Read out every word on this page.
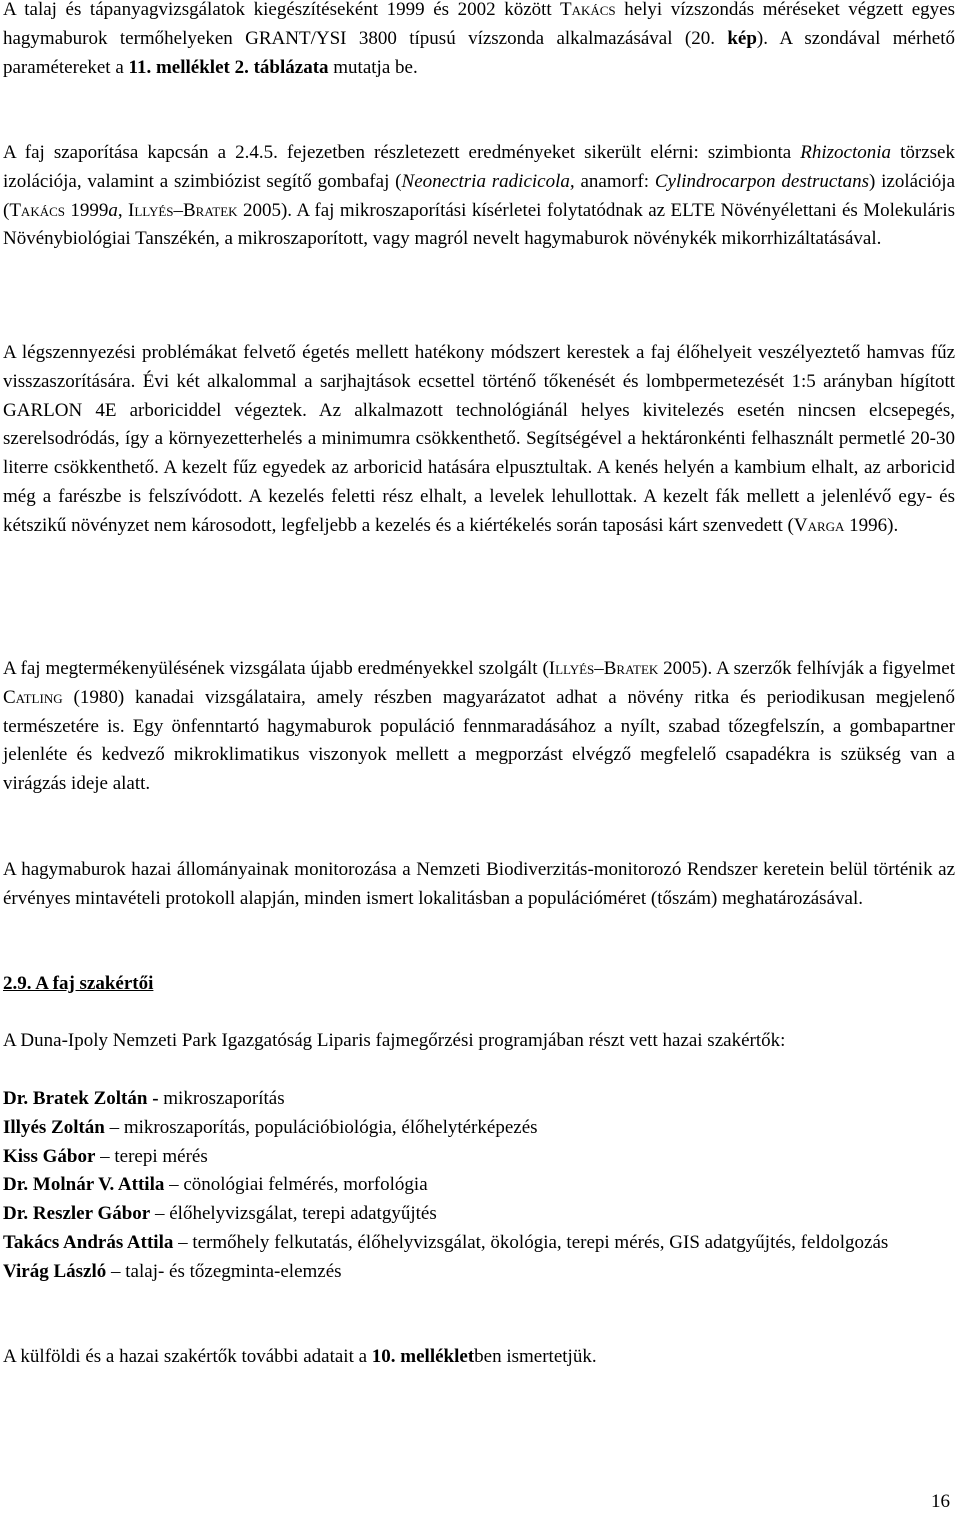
A talaj és tápanyagvizsgálatok kiegészítéseként 1999 és 2002 között Takács helyi vízszondás méréseket végzett egyes hagymaburok termőhelyeken GRANT/YSI 3800 típusú vízszonda alkalmazásával (20. kép). A szondával mérhető paramétereket a 11. melléklet 2. táblázata mutatja be.

A faj szaporítása kapcsán a 2.4.5. fejezetben részletezett eredményeket sikerült elérni: szimbionta Rhizoctonia törzsek izolációja, valamint a szimbiózist segítő gombafaj (Neonectria radicicola, anamorf: Cylindrocarpon destructans) izolációja (Takács 1999a, Illyés–Bratek 2005). A faj mikroszaporítási kísérletei folytatódnak az ELTE Növényélettani és Molekuláris Növénybiológiai Tanszékén, a mikroszaporított, vagy magról nevelt hagymaburok növénykék mikorrhizáltatásával.

A légszennyezési problémákat felvető égetés mellett hatékony módszert kerestek a faj élőhelyeit veszélyeztető hamvas fűz visszaszorítására. Évi két alkalommal a sarjhajtások ecsettel történő tőkenését és lombpermetezését 1:5 arányban hígított GARLON 4E arboriciddel végeztek. Az alkalmazott technológiánál helyes kivitelezés esetén nincsen elcsepegés, szerelsodródás, így a környezetterhelés a minimumra csökkenthető. Segítségével a hektáronkénti felhasznált permetlé 20-30 literre csökkenthető. A kezelt fűz egyedek az arboricid hatására elpusztultak. A kenés helyén a kambium elhalt, az arboricid még a farészbe is felszívódott. A kezelés feletti rész elhalt, a levelek lehullottak. A kezelt fák mellett a jelenlévő egy- és kétszikű növényzet nem károsodott, legfeljebb a kezelés és a kiértékelés során taposási kárt szenvedett (Varga 1996).

A faj megtermékenyülésének vizsgálata újabb eredményekkel szolgált (Illyés–Bratek 2005). A szerzők felhívják a figyelmet Catling (1980) kanadai vizsgálataira, amely részben magyarázatot adhat a növény ritka és periodikusan megjelenő természetére is. Egy önfenntartó hagymaburok populáció fennmaradásához a nyílt, szabad tőzegfelszín, a gombapartner jelenléte és kedvező mikroklimatikus viszonyok mellett a megporzást elvégző megfelelő csapadékra is szükség van a virágzás ideje alatt.

A hagymaburok hazai állományainak monitorozása a Nemzeti Biodiverzitás-monitorozó Rendszer keretein belül történik az érvényes mintavételi protokoll alapján, minden ismert lokalitásban a populációméret (tőszám) meghatározásával.

2.9. A faj szakértői

A Duna-Ipoly Nemzeti Park Igazgatóság Liparis fajmegőrzési programjában részt vett hazai szakértők:

Dr. Bratek Zoltán - mikroszaporítás

Illyés Zoltán – mikroszaporítás, populációbiológia, élőhelytérképezés

Kiss Gábor – terepi mérés

Dr. Molnár V. Attila – cönológiai felmérés, morfológia

Dr. Reszler Gábor – élőhelyvizsgálat, terepi adatgyűjtés

Takács András Attila – termőhely felkutatás, élőhelyvizsgálat, ökológia, terepi mérés, GIS adatgyűjtés, feldolgozás

Virág László – talaj- és tőzegminta-elemzés

A külföldi és a hazai szakértők további adatait a 10. mellékletben ismertetjük.

16
